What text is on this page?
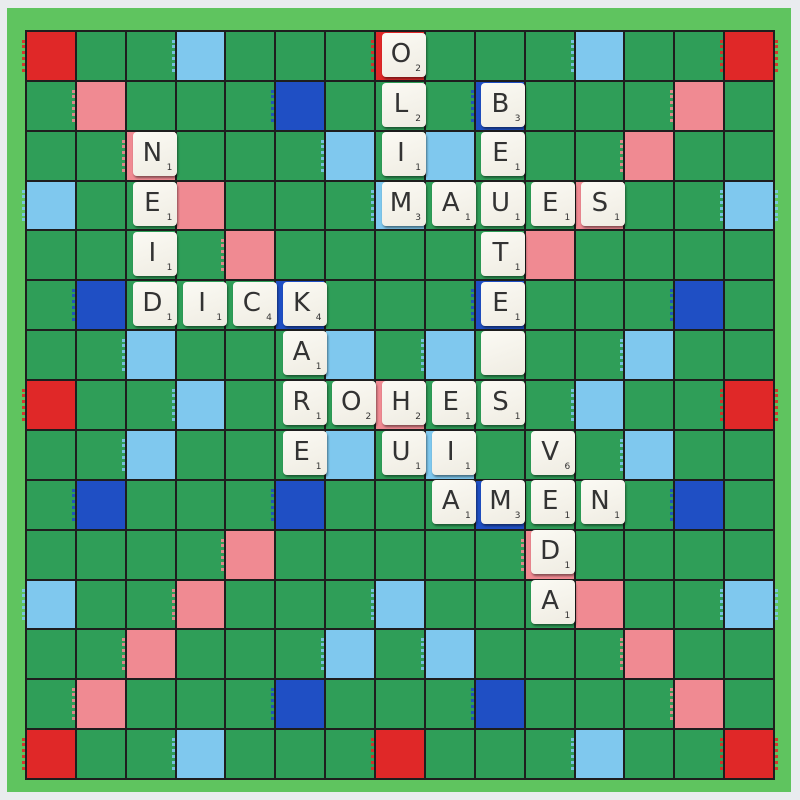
O 2
L 2
I	1
M 3
B 3
E 1
A 1 U 1 E 1 S 1
T 1
E 1
S 1
N 1
E 1
I	1
D 1 I	1 C 4 K 4
A 1
R 1
E 1
O 2 H 2 E 1
U 1 I	1	V 6
A 1 M 3 E 1 N 1
D 1
A 1
